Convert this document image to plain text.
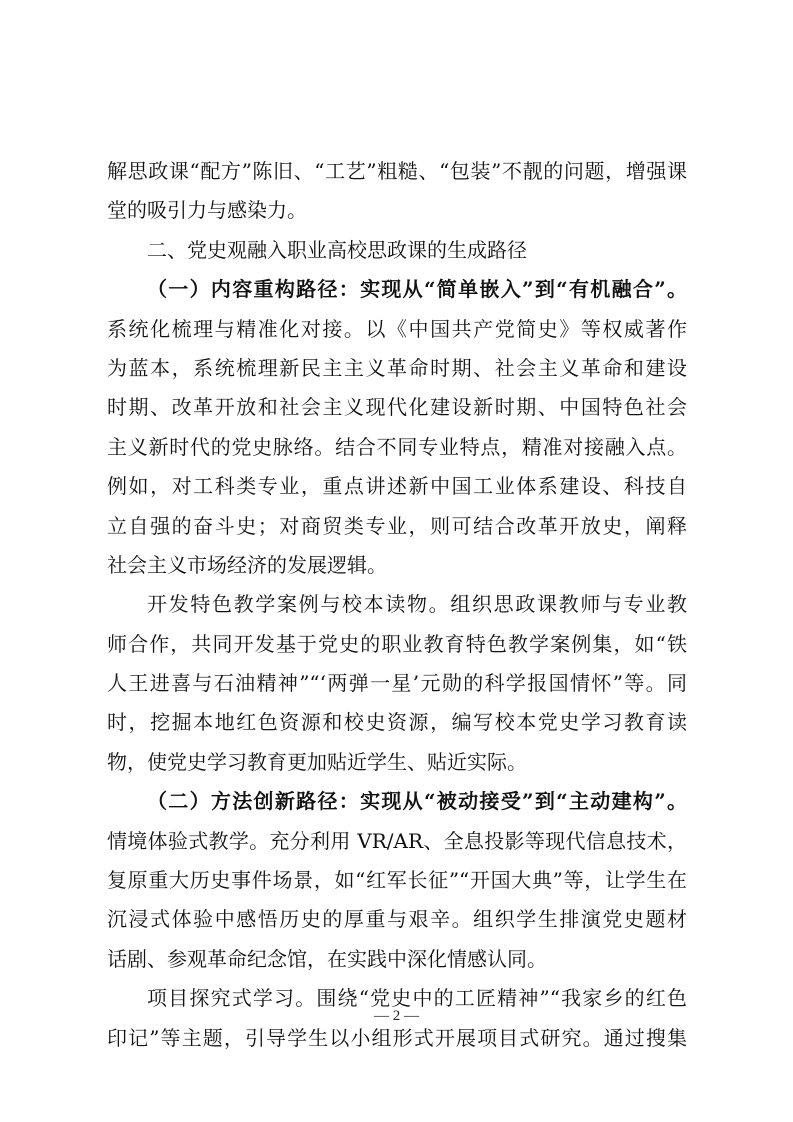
解思政课“配方”陈旧、“工艺”粗糙、“包装”不靓的问题，增强课
堂的吸引力与感染力。
二、党史观融入职业高校思政课的生成路径
（一）内容重构路径：实现从“简单嵌入”到“有机融合”。
系统化梳理与精准化对接。以《中国共产党简史》等权威著作
为蓝本，系统梳理新民主主义革命时期、社会主义革命和建设
时期、改革开放和社会主义现代化建设新时期、中国特色社会
主义新时代的党史脉络。结合不同专业特点，精准对接融入点。
例如，对工科类专业，重点讲述新中国工业体系建设、科技自
立自强的奋斗史；对商贸类专业，则可结合改革开放史，阐释
社会主义市场经济的发展逻辑。
开发特色教学案例与校本读物。组织思政课教师与专业教
师合作，共同开发基于党史的职业教育特色教学案例集，如“铁
人王进喜与石油精神”“‘两弹一星’元勋的科学报国情怀”等。同
时，挖掘本地红色资源和校史资源，编写校本党史学习教育读
物，使党史学习教育更加贴近学生、贴近实际。
（二）方法创新路径：实现从“被动接受”到“主动建构”。
情境体验式教学。充分利用 VR/AR、全息投影等现代信息技术，
复原重大历史事件场景，如“红军长征”“开国大典”等，让学生在
沉浸式体验中感悟历史的厚重与艰辛。组织学生排演党史题材
话剧、参观革命纪念馆，在实践中深化情感认同。
项目探究式学习。围绕“党史中的工匠精神”“我家乡的红色
印记”等主题，引导学生以小组形式开展项目式研究。通过搜集
— 2 —
